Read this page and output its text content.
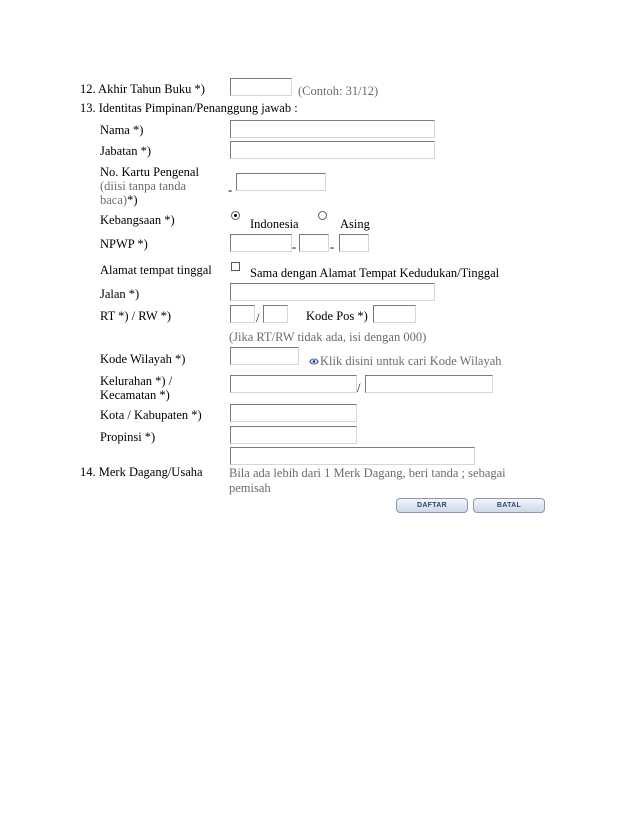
12. Akhir Tahun Buku *)	(Contoh: 31/12)
13. Identitas Pimpinan/Penanggung jawab :
Nama *)
Jabatan *)
No. Kartu Pengenal
(diisi tanpa tanda
baca)*)
-
Kebangsaan *)	Indonesia	Asing
NPWP *)	-	-
Alamat tempat tinggal	Sama dengan Alamat Tempat Kedudukan/Tinggal
Jalan *)
RT *) / RW *)	/	Kode Pos *)
(Jika RT/RW tidak ada, isi dengan 000)
Kode Wilayah *)	Klik disini untuk cari Kode Wilayah
Kelurahan *) /
Kecamatan *)	/
Kota / Kabupaten *)
Propinsi *)
14. Merk Dagang/Usaha Bila ada lebih dari 1 Merk Dagang, beri tanda ; sebagai
pemisah
DAFTAR	BATAL
